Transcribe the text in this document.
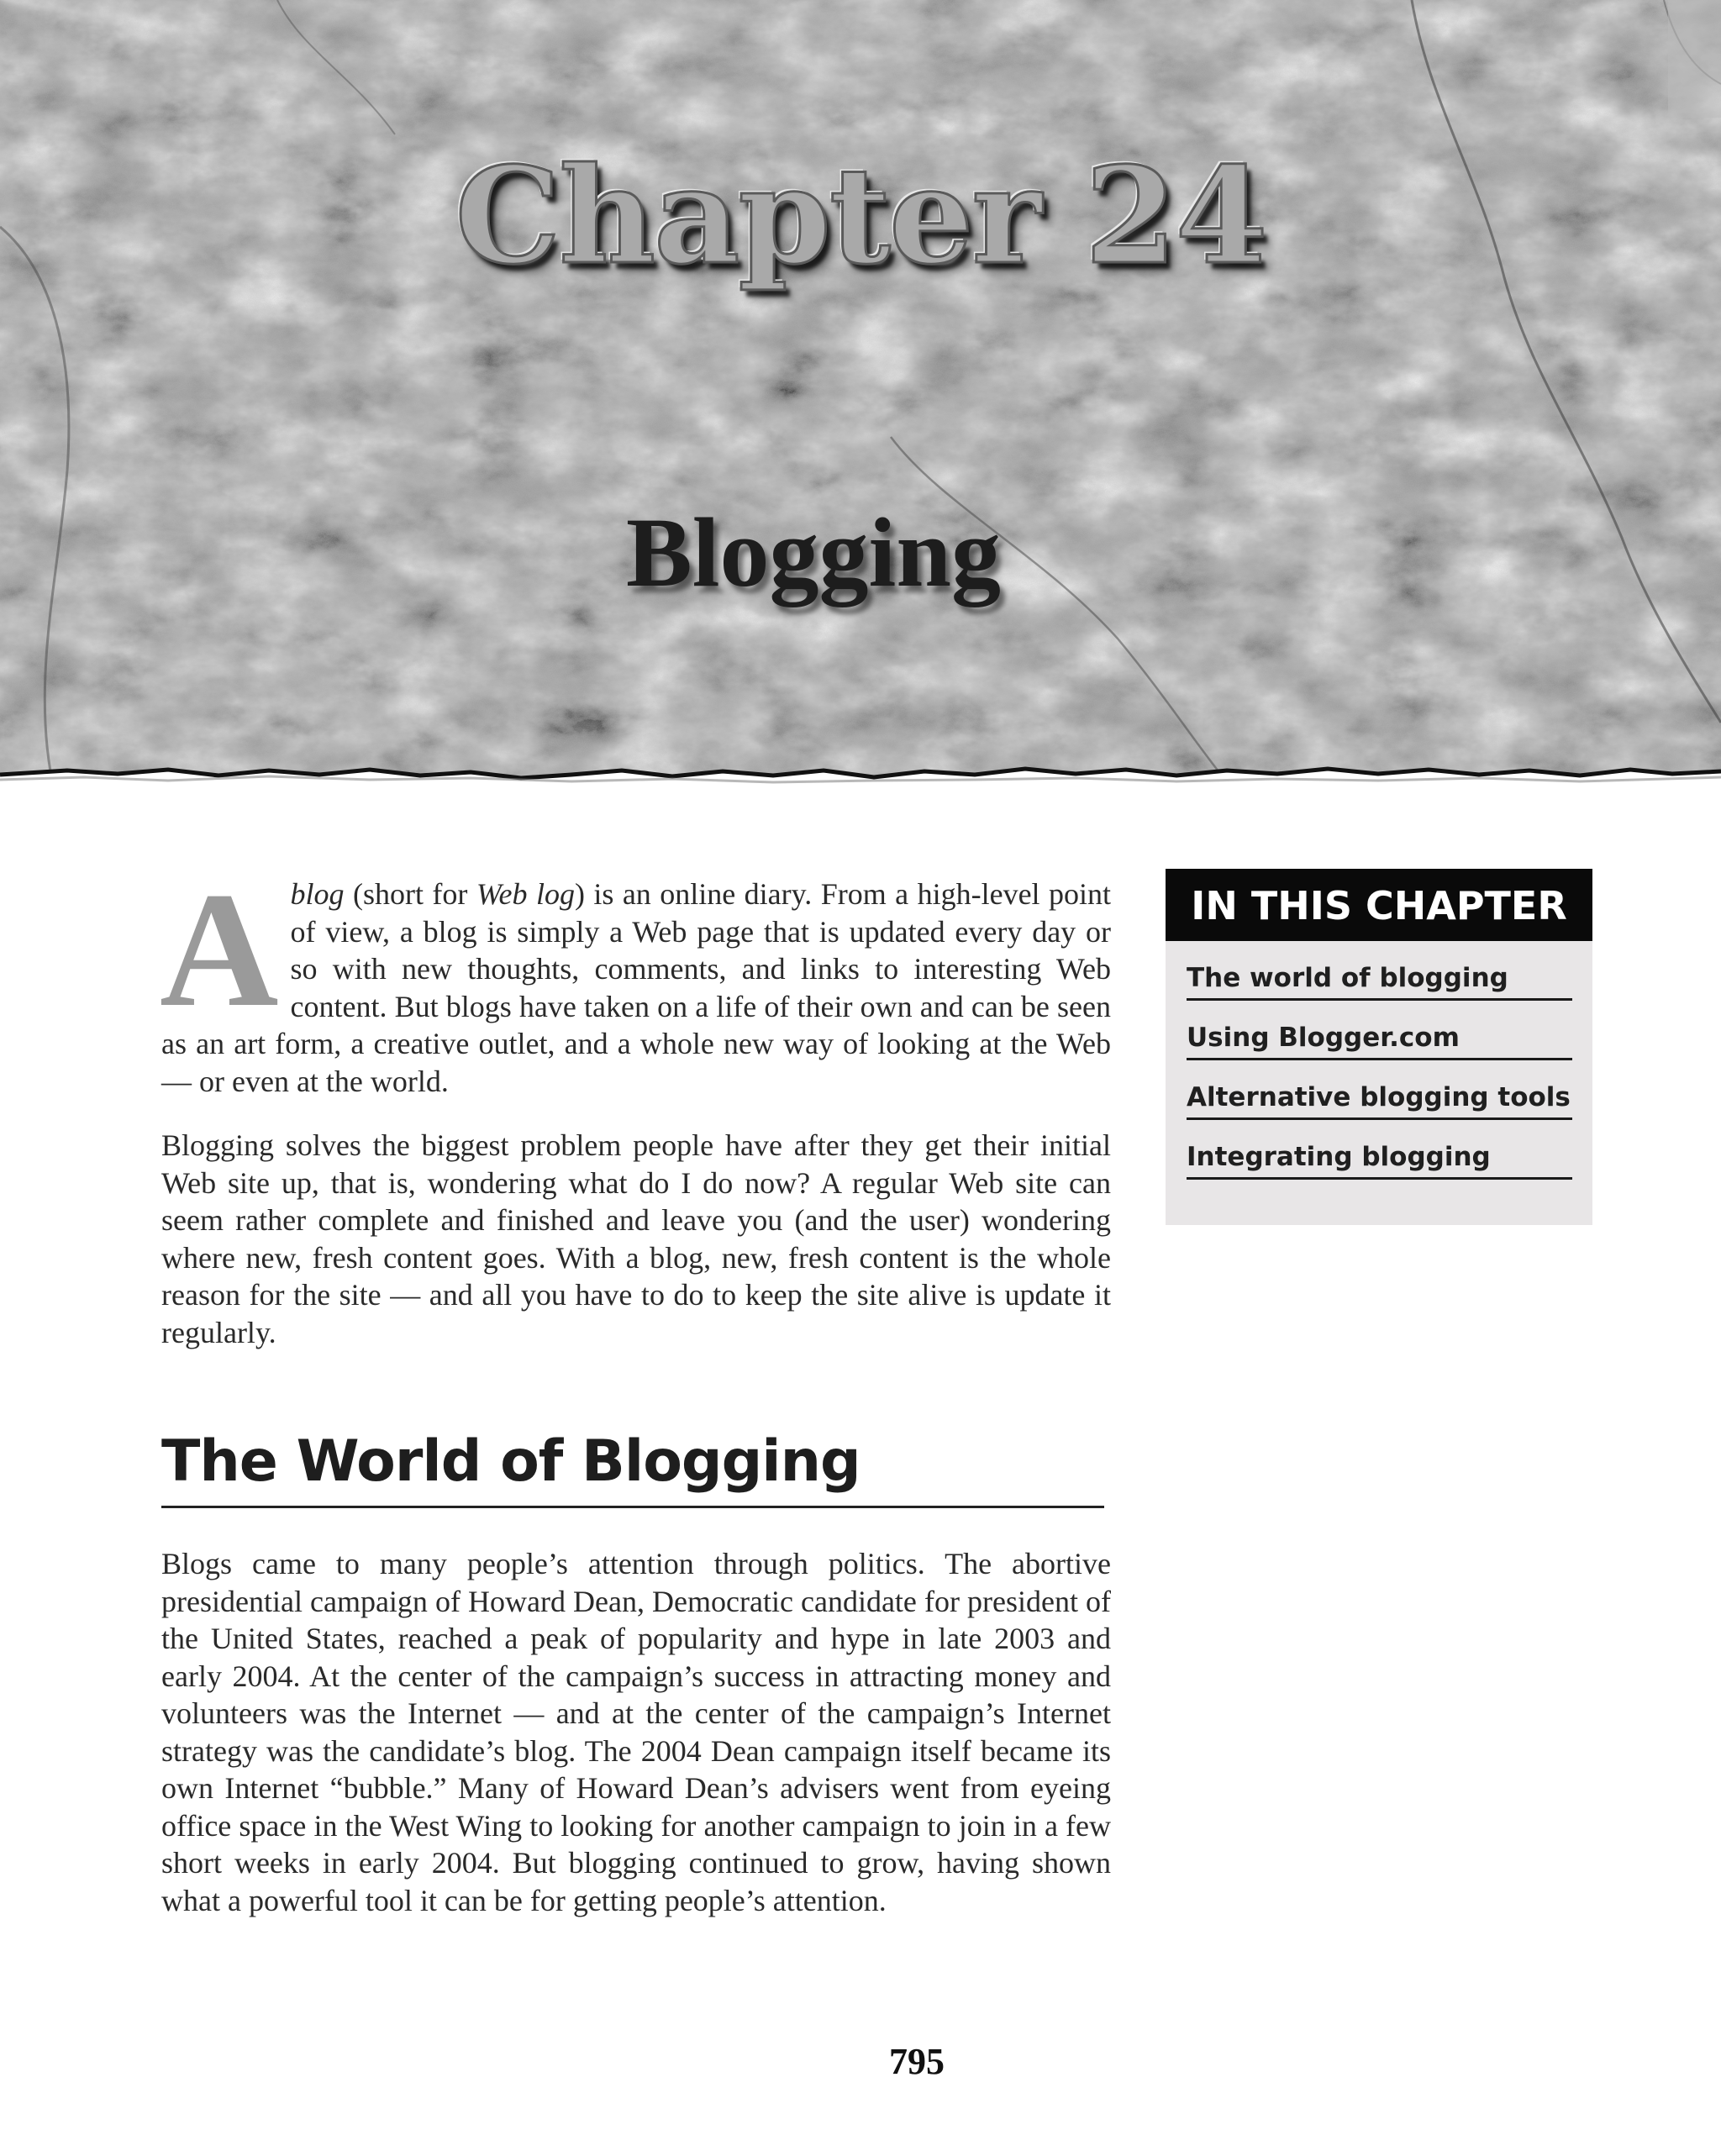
Chapter 24
Blogging

Ablog (short for Web log) is an online diary. From a high-level point of view, a blog is simply a Web page that is updated every day or so with new thoughts, comments, and links to interesting Web content. But blogs have taken on a life of their own and can be seen as an art form, a creative outlet, and a whole new way of looking at the Web — or even at the world.

Blogging solves the biggest problem people have after they get their initial Web site up, that is, wondering what do I do now? A regular Web site can seem rather complete and finished and leave you (and the user) wondering where new, fresh content goes. With a blog, new, fresh content is the whole reason for the site — and all you have to do to keep the site alive is update it regularly.

IN THIS CHAPTER
The world of blogging
Using Blogger.com
Alternative blogging tools
Integrating blogging
The World of Blogging

Blogs came to many people’s attention through politics. The abortive presidential campaign of Howard Dean, Democratic candidate for president of the United States, reached a peak of popularity and hype in late 2003 and early 2004. At the center of the campaign’s success in attracting money and volunteers was the Internet — and at the center of the campaign’s Internet strategy was the candidate’s blog. The 2004 Dean campaign itself became its own Internet “bubble.” Many of Howard Dean’s advisers went from eyeing office space in the West Wing to looking for another campaign to join in a few short weeks in early 2004. But blogging continued to grow, having shown what a powerful tool it can be for getting people’s attention.

795
